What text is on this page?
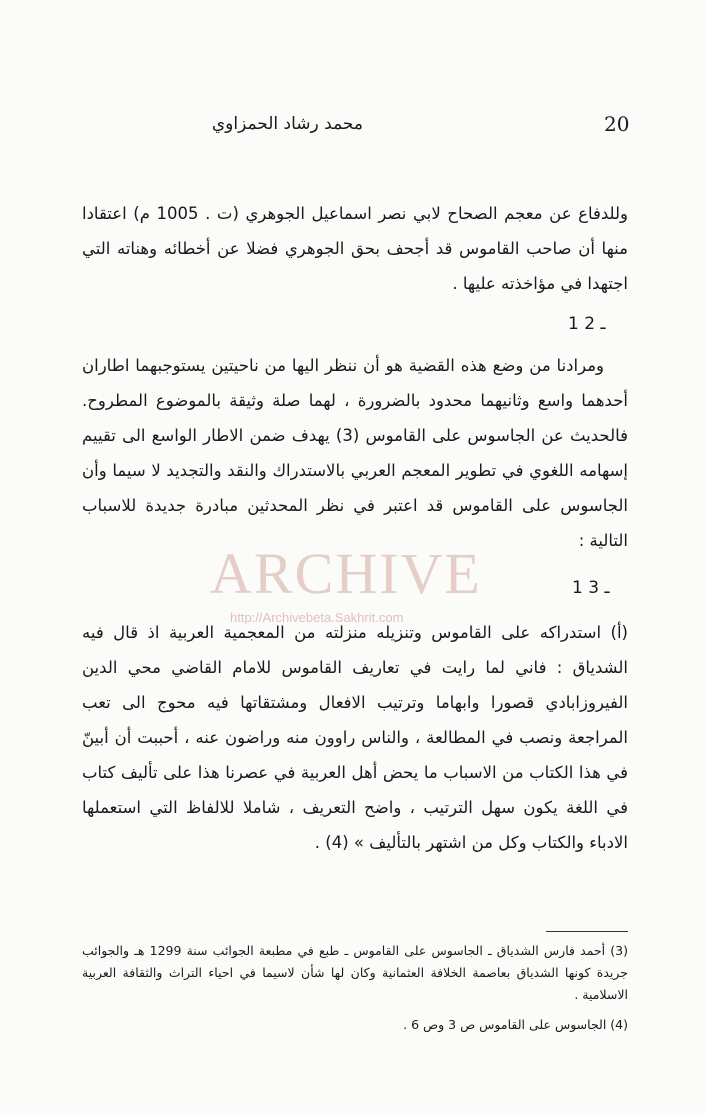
20
محمد رشاد الحمزاوي

وللدفاع عن معجم الصحاح لابي نصر اسماعيل الجوهري (ت . 1005 م) اعتقادا منها أن صاحب القاموس قد أجحف بحق الجوهري فضلا عن أخطائه وهناته التي اجتهدا في مؤاخذته عليها .

1 ـ 2

ومرادنا من وضع هذه القضية هو أن ننظر اليها من ناحيتين يستوجبهما اطاران أحدهما واسع وثانيهما محدود بالضرورة ، لهما صلة وثيقة بالموضوع المطروح. فالحديث عن الجاسوس على القاموس (3) يهدف ضمن الاطار الواسع الى تقييم إسهامه اللغوي في تطوير المعجم العربي بالاستدراك والنقد والتجديد لا سيما وأن الجاسوس على القاموس قد اعتبر في نظر المحدثين مبادرة جديدة للاسباب التالية :

ARCHIVE
http://Archivebeta.Sakhrit.com
1 ـ 3

(أ) استدراكه على القاموس وتنزيله منزلته من المعجمية العربية اذ قال فيه الشدياق : فاني لما رايت في تعاريف القاموس للامام القاضي محي الدين الفيروزابادي قصورا وابهاما وترتيب الافعال ومشتقاتها فيه محوج الى تعب المراجعة ونصب في المطالعة ، والناس راوون منه وراضون عنه ، أحببت أن أبينّ في هذا الكتاب من الاسباب ما يحض أهل العربية في عصرنا هذا على تأليف كتاب في اللغة يكون سهل الترتيب ، واضح التعريف ، شاملا للالفاظ التي استعملها الادباء والكتاب وكل من اشتهر بالتأليف » (4) .

(3) أحمد فارس الشدياق ـ الجاسوس على القاموس ـ طبع في مطبعة الجوائب سنة 1299 هـ والجوائب جريدة كونها الشدياق بعاصمة الخلافة العثمانية وكان لها شأن لاسيما في احياء التراث والثقافة العربية الاسلامية .

(4) الجاسوس على القاموس ص 3 وص 6 .
